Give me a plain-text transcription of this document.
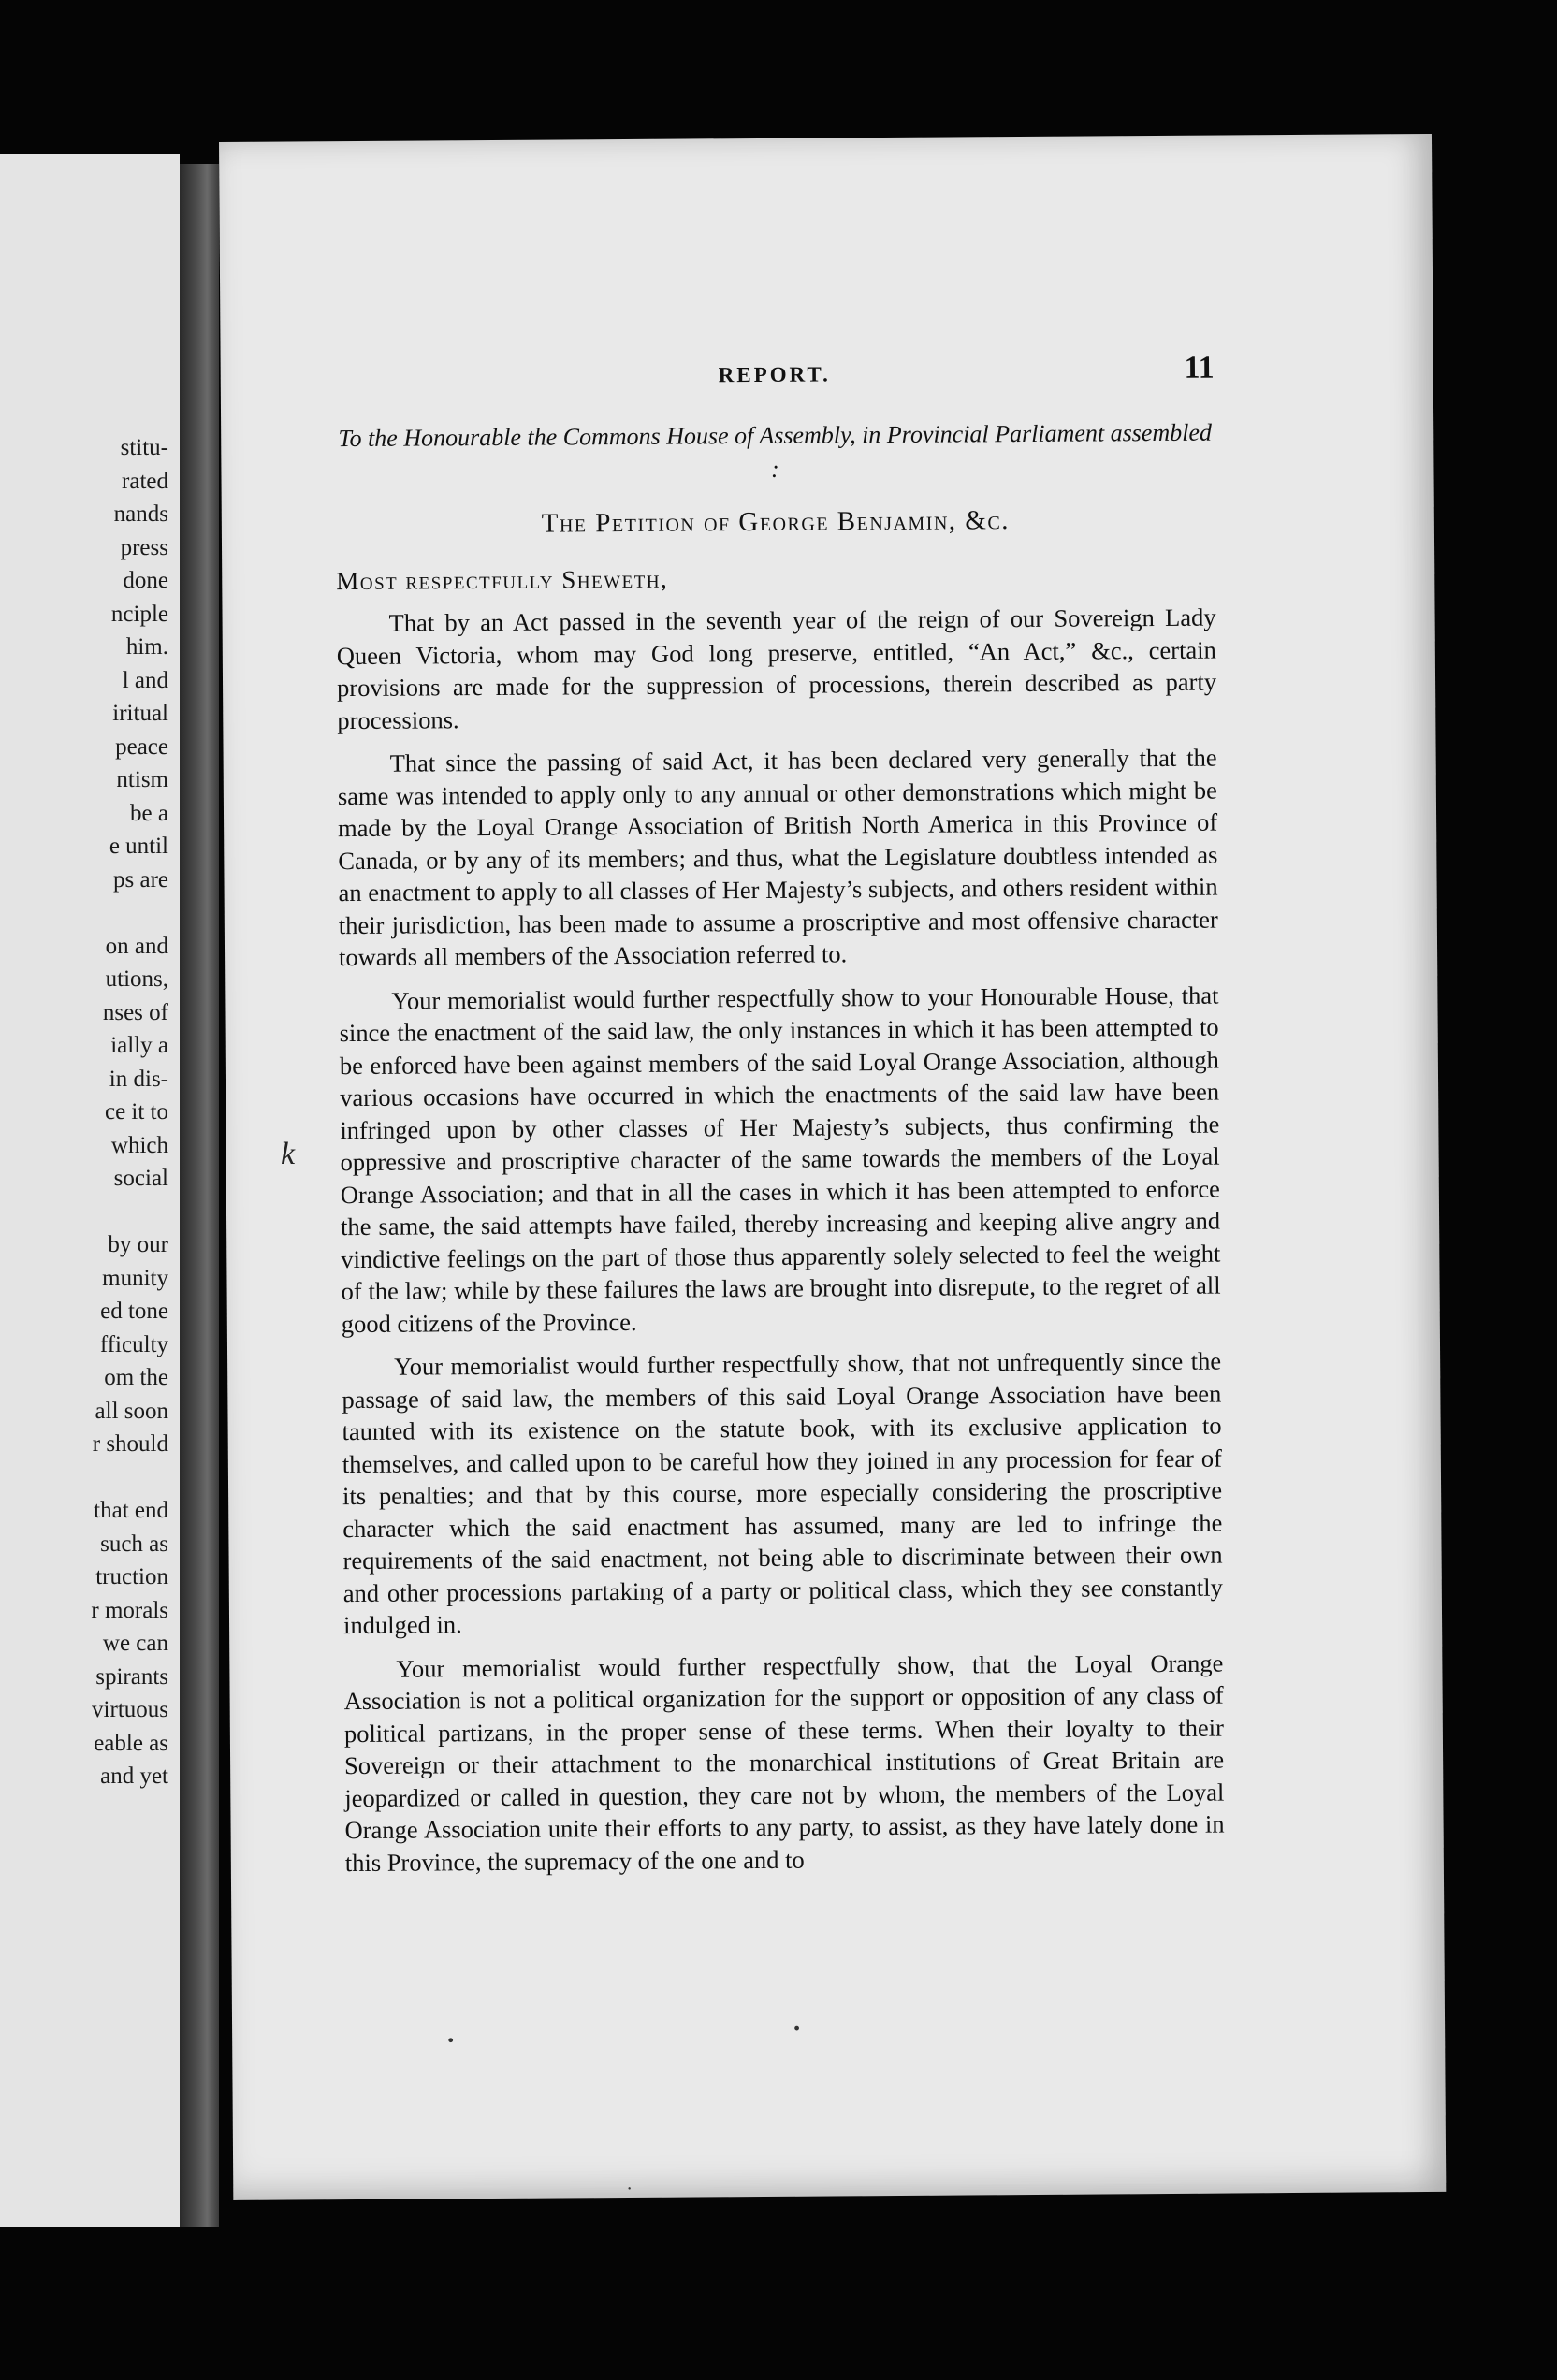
stitu-
rated
nands
press
done
nciple
him.
l and
iritual
peace
ntism
be a
e until
ps are
on and
utions,
nses of
ially a
in dis-
ce it to
which
social
by our
munity
ed tone
fficulty
om the
all soon
r should
that end
such as
truction
r morals
we can
spirants
virtuous
eable as
and yet
REPORT.	11
To the Honourable the Commons House of Assembly, in Provincial Parliament assembled :
The Petition of George Benjamin, &c.
Most respectfully Sheweth,

That by an Act passed in the seventh year of the reign of our Sovereign Lady Queen Victoria, whom may God long preserve, entitled, “An Act,” &c., certain provisions are made for the suppression of processions, therein described as party processions.

That since the passing of said Act, it has been declared very generally that the same was intended to apply only to any annual or other demonstrations which might be made by the Loyal Orange Association of British North America in this Province of Canada, or by any of its members; and thus, what the Legislature doubtless intended as an enactment to apply to all classes of Her Majesty’s subjects, and others resident within their jurisdiction, has been made to assume a proscriptive and most offensive character towards all members of the Association referred to.

Your memorialist would further respectfully show to your Honourable House, that since the enactment of the said law, the only instances in which it has been attempted to be enforced have been against members of the said Loyal Orange Association, although various occasions have occurred in which the enactments of the said law have been infringed upon by other classes of Her Majesty’s subjects, thus confirming the oppressive and proscriptive character of the same towards the members of the Loyal Orange Association; and that in all the cases in which it has been attempted to enforce the same, the said attempts have failed, thereby increasing and keeping alive angry and vindictive feelings on the part of those thus apparently solely selected to feel the weight of the law; while by these failures the laws are brought into disrepute, to the regret of all good citizens of the Province.

Your memorialist would further respectfully show, that not unfrequently since the passage of said law, the members of this said Loyal Orange Association have been taunted with its existence on the statute book, with its exclusive application to themselves, and called upon to be careful how they joined in any procession for fear of its penalties; and that by this course, more especially considering the proscriptive character which the said enactment has assumed, many are led to infringe the requirements of the said enactment, not being able to discriminate between their own and other processions partaking of a party or political class, which they see constantly indulged in.

Your memorialist would further respectfully show, that the Loyal Orange Association is not a political organization for the support or opposition of any class of political partizans, in the proper sense of these terms. When their loyalty to their Sovereign or their attachment to the monarchical institutions of Great Britain are jeopardized or called in question, they care not by whom, the members of the Loyal Orange Association unite their efforts to any party, to assist, as they have lately done in this Province, the supremacy of the one and to

•
•
·
k
